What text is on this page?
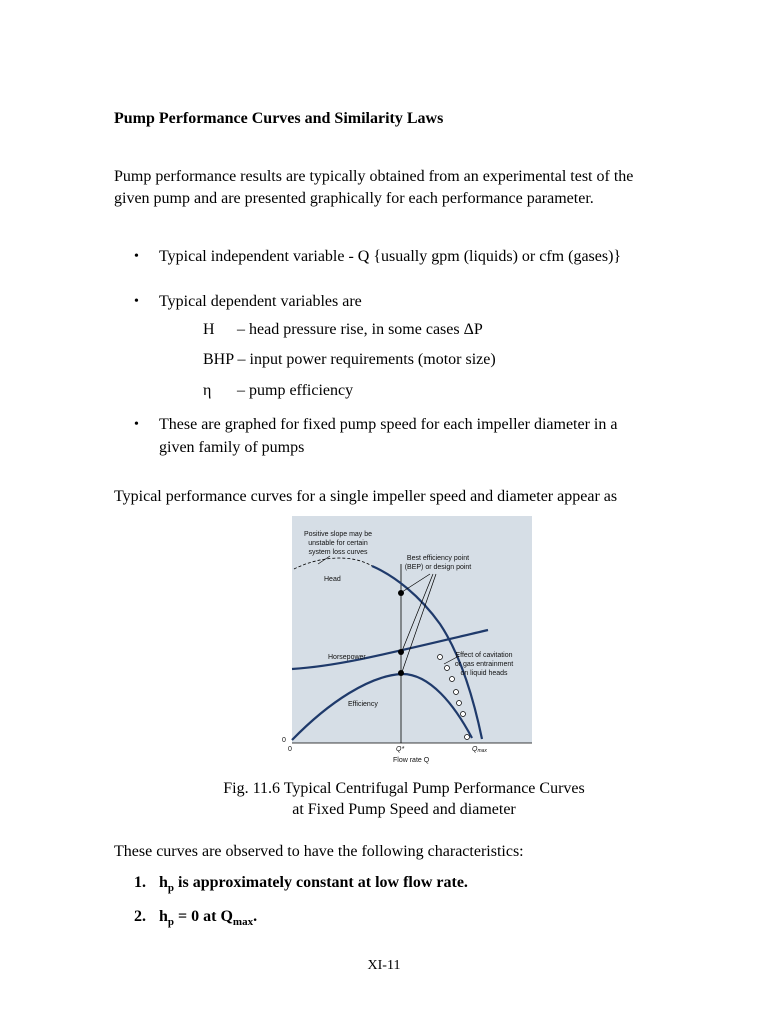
Pump Performance Curves and Similarity Laws
Pump performance results are typically obtained from an experimental test of the
given pump and are presented graphically for each performance parameter.
• Typical independent variable - Q {usually gpm (liquids) or cfm (gases)}
• Typical dependent variables are
H – head pressure rise, in some cases ΔP
BHP – input power requirements (motor size)
η – pump efficiency
• These are graphed for fixed pump speed for each impeller diameter in a
given family of pumps
Typical performance curves for a single impeller speed and diameter appear as
Positive slope may be
unstable for certain
system loss curves
Best efficiency point
(BEP) or design point
Head
Horsepower	Effect of cavitation
or gas entrainment
on liquid heads
Efficiency
0
0	Q*	Qmax
Flow rate Q
Fig. 11.6 Typical Centrifugal Pump Performance Curves
at Fixed Pump Speed and diameter
These curves are observed to have the following characteristics:
1. $h_p$ is approximately constant at low flow rate.
2. $h_p = 0$ at $Q_{max}$.
XI-11
